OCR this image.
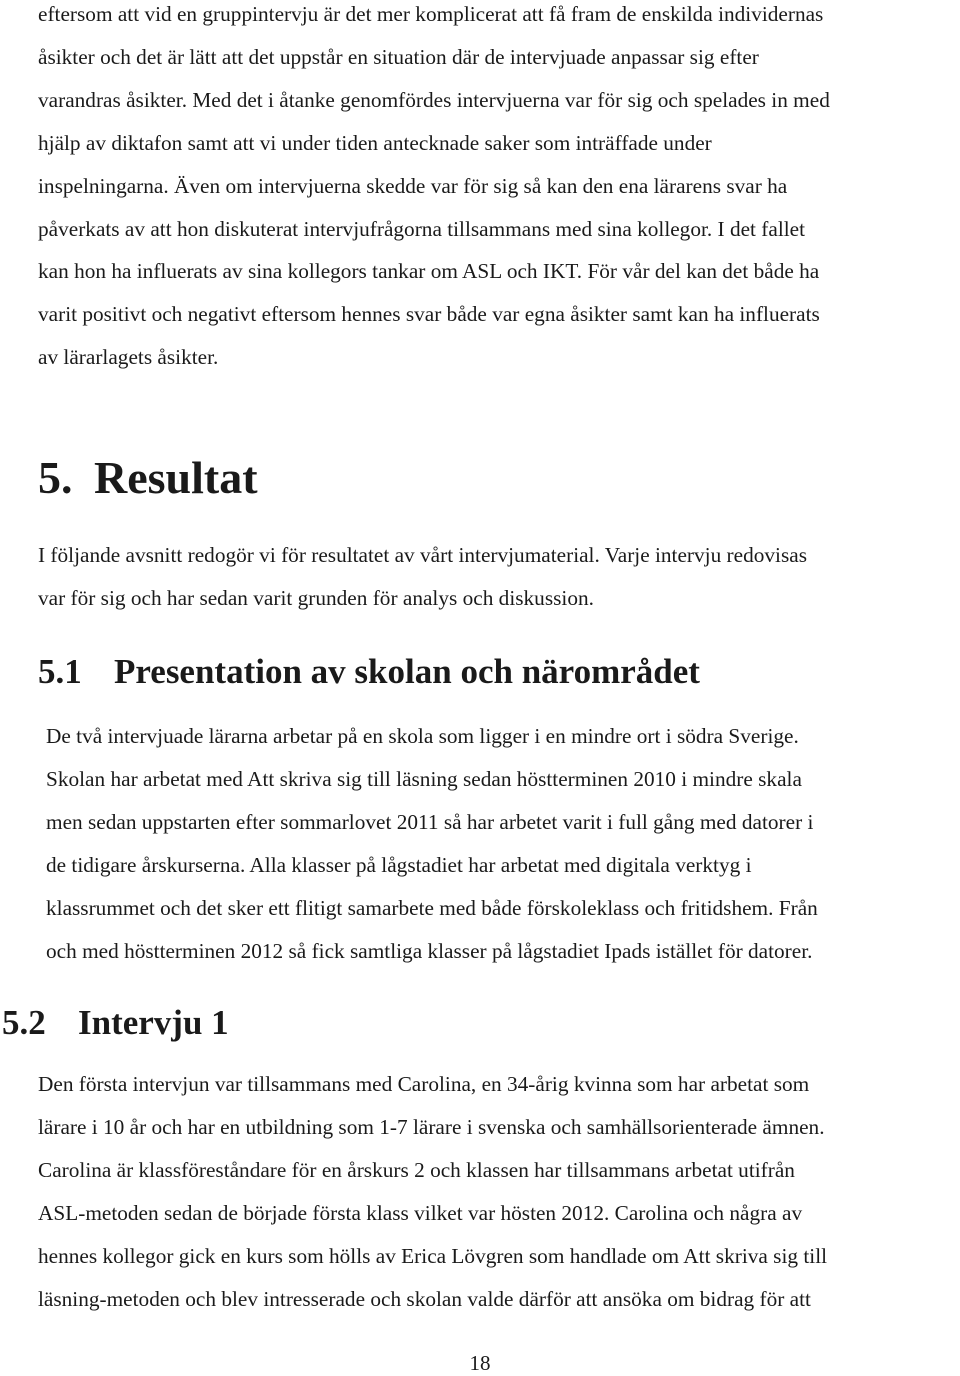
eftersom att vid en gruppintervju är det mer komplicerat att få fram de enskilda individernas
åsikter och det är lätt att det uppstår en situation där de intervjuade anpassar sig efter
varandras åsikter. Med det i åtanke genomfördes intervjuerna var för sig och spelades in med
hjälp av diktafon samt att vi under tiden antecknade saker som inträffade under
inspelningarna. Även om intervjuerna skedde var för sig så kan den ena lärarens svar ha
påverkats av att hon diskuterat intervjufrågorna tillsammans med sina kollegor. I det fallet
kan hon ha influerats av sina kollegors tankar om ASL och IKT. För vår del kan det både ha
varit positivt och negativt eftersom hennes svar både var egna åsikter samt kan ha influerats
av lärarlagets åsikter.

5. Resultat

I följande avsnitt redogör vi för resultatet av vårt intervjumaterial. Varje intervju redovisas
var för sig och har sedan varit grunden för analys och diskussion.

5.1 Presentation av skolan och närområdet

De två intervjuade lärarna arbetar på en skola som ligger i en mindre ort i södra Sverige.
Skolan har arbetat med Att skriva sig till läsning sedan höstterminen 2010 i mindre skala
men sedan uppstarten efter sommarlovet 2011 så har arbetet varit i full gång med datorer i
de tidigare årskurserna. Alla klasser på lågstadiet har arbetat med digitala verktyg i
klassrummet och det sker ett flitigt samarbete med både förskoleklass och fritidshem. Från
och med höstterminen 2012 så fick samtliga klasser på lågstadiet Ipads istället för datorer.

5.2 Intervju 1

Den första intervjun var tillsammans med Carolina, en 34-årig kvinna som har arbetat som
lärare i 10 år och har en utbildning som 1-7 lärare i svenska och samhällsorienterade ämnen.
Carolina är klassföreståndare för en årskurs 2 och klassen har tillsammans arbetat utifrån
ASL-metoden sedan de började första klass vilket var hösten 2012. Carolina och några av
hennes kollegor gick en kurs som hölls av Erica Lövgren som handlade om Att skriva sig till
läsning-metoden och blev intresserade och skolan valde därför att ansöka om bidrag för att

18
